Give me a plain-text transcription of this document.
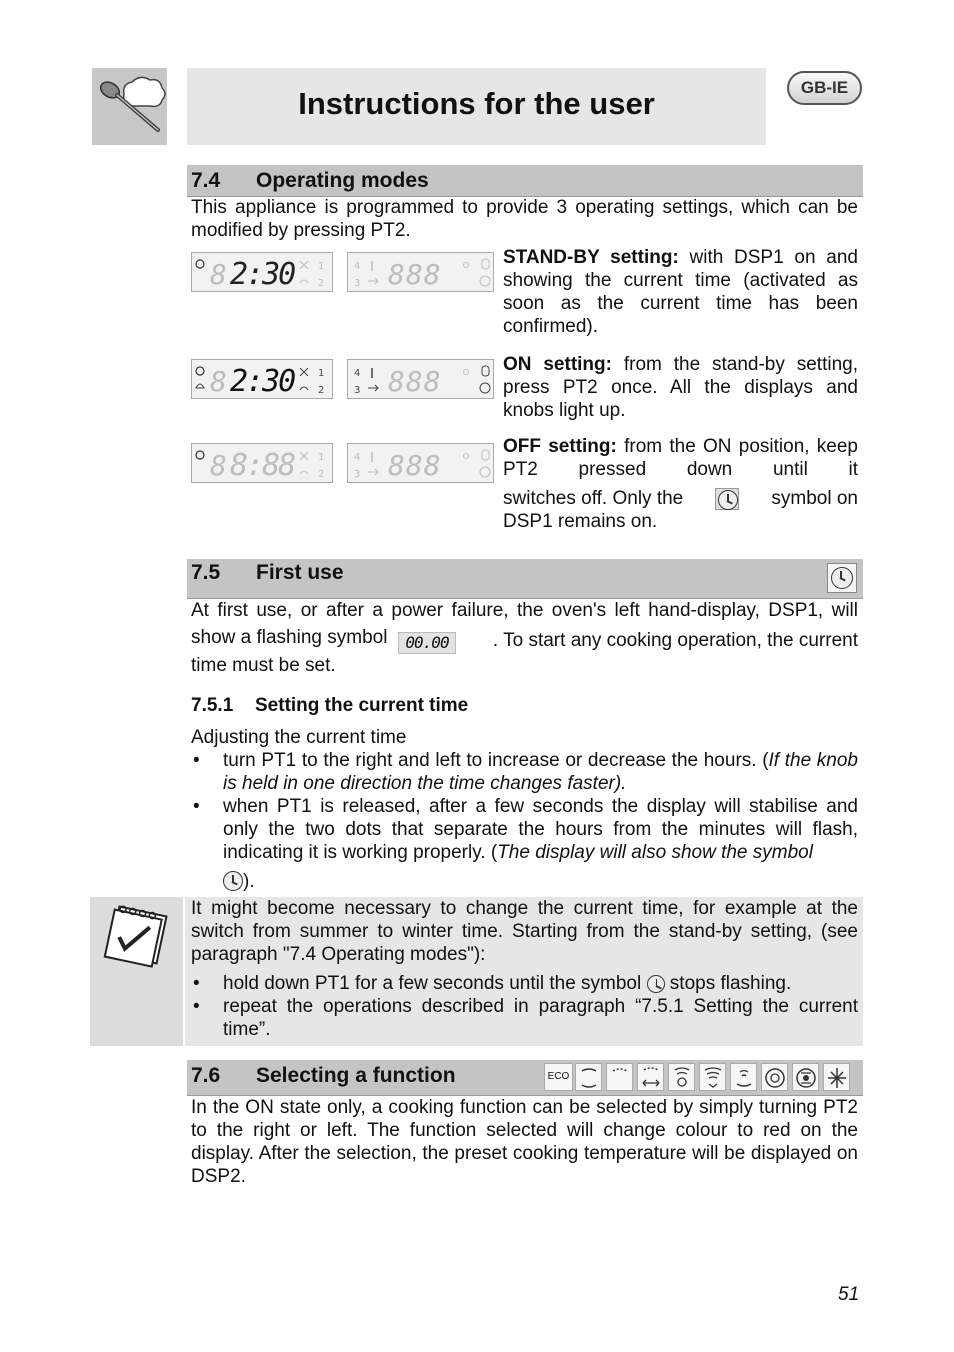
Instructions for the user	GB-IE
7.4 Operating modes
This appliance is programmed to provide 3 operating settings, which can be modified by pressing PT2.
8 2:30 1
2
4
3 888
8 2:30 1
2
4
3 888
8 8:88 1
2
4
3 888
STAND-BY setting: with DSP1 on and showing the current time (activated as soon as the current time has been confirmed).
ON setting: from the stand-by setting, press PT2 once. All the displays and knobs light up.
OFF setting: from the ON position, keep PT2 pressed down until it
switches off. Only the	symbol on
DSP1 remains on.
7.5 First use
At first use, or after a power failure, the oven's left hand-display, DSP1, will
show a flashing symbol 00.00	. To start any cooking operation, the current
time must be set.
7.5.1 Setting the current time
Adjusting the current time
• turn PT1 to the right and left to increase or decrease the hours. (If the knob is held in one direction the time changes faster).
• when PT1 is released, after a few seconds the display will stabilise and only the two dots that separate the hours from the minutes will flash, indicating it is working properly. (The display will also show the symbol
).
It might become necessary to change the current time, for example at the switch from summer to winter time. Starting from the stand-by setting, (see paragraph "7.4 Operating modes"):
• hold down PT1 for a few seconds until the symbol stops flashing.
• repeat the operations described in paragraph “7.5.1 Setting the current time”.
7.6 Selecting a function	ECO
In the ON state only, a cooking function can be selected by simply turning PT2 to the right or left. The function selected will change colour to red on the display. After the selection, the preset cooking temperature will be displayed on DSP2.
51
